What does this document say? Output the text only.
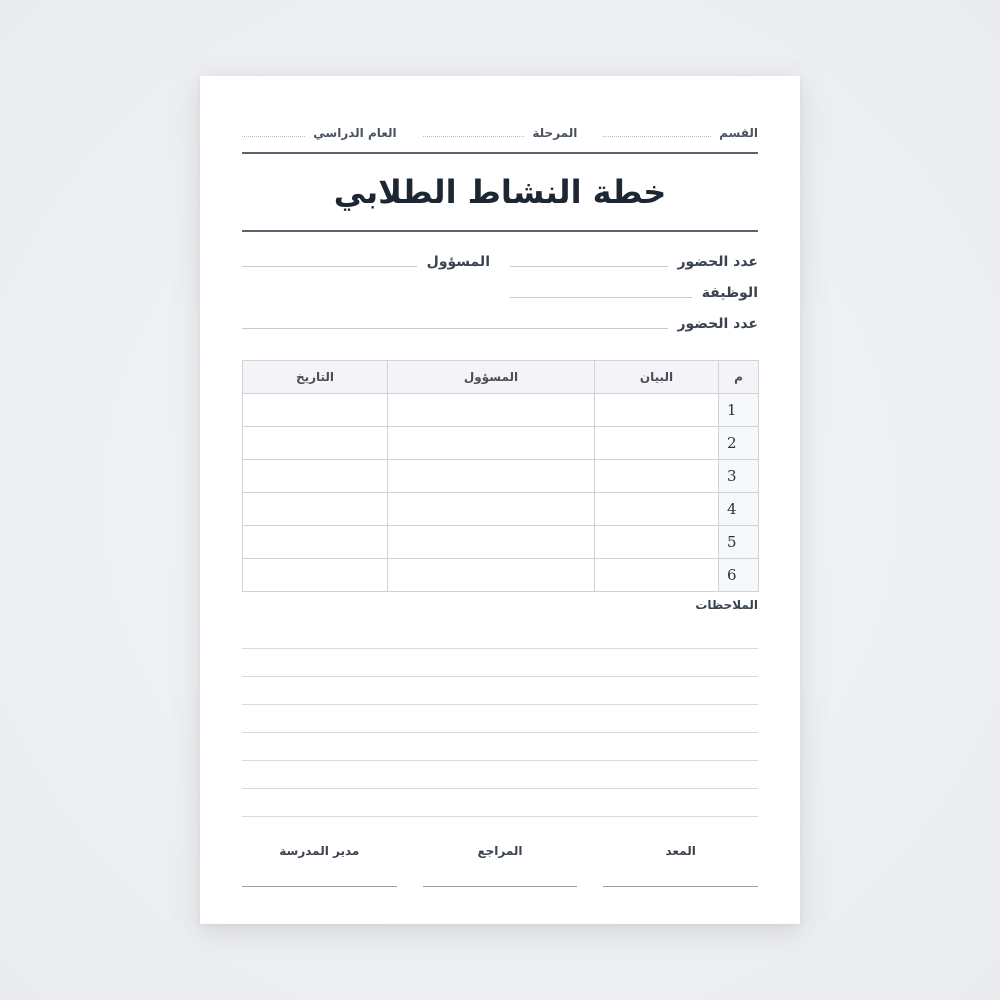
القسم
المرحلة
العام الدراسي
خطة النشاط الطلابي
عدد الحضور
المسؤول
الوظيفة
عدد الحضور
م	البيان	المسؤول	التاريخ
1			
2			
3			
4			
5			
6			
الملاحظات
المعد
المراجع
مدير المدرسة
